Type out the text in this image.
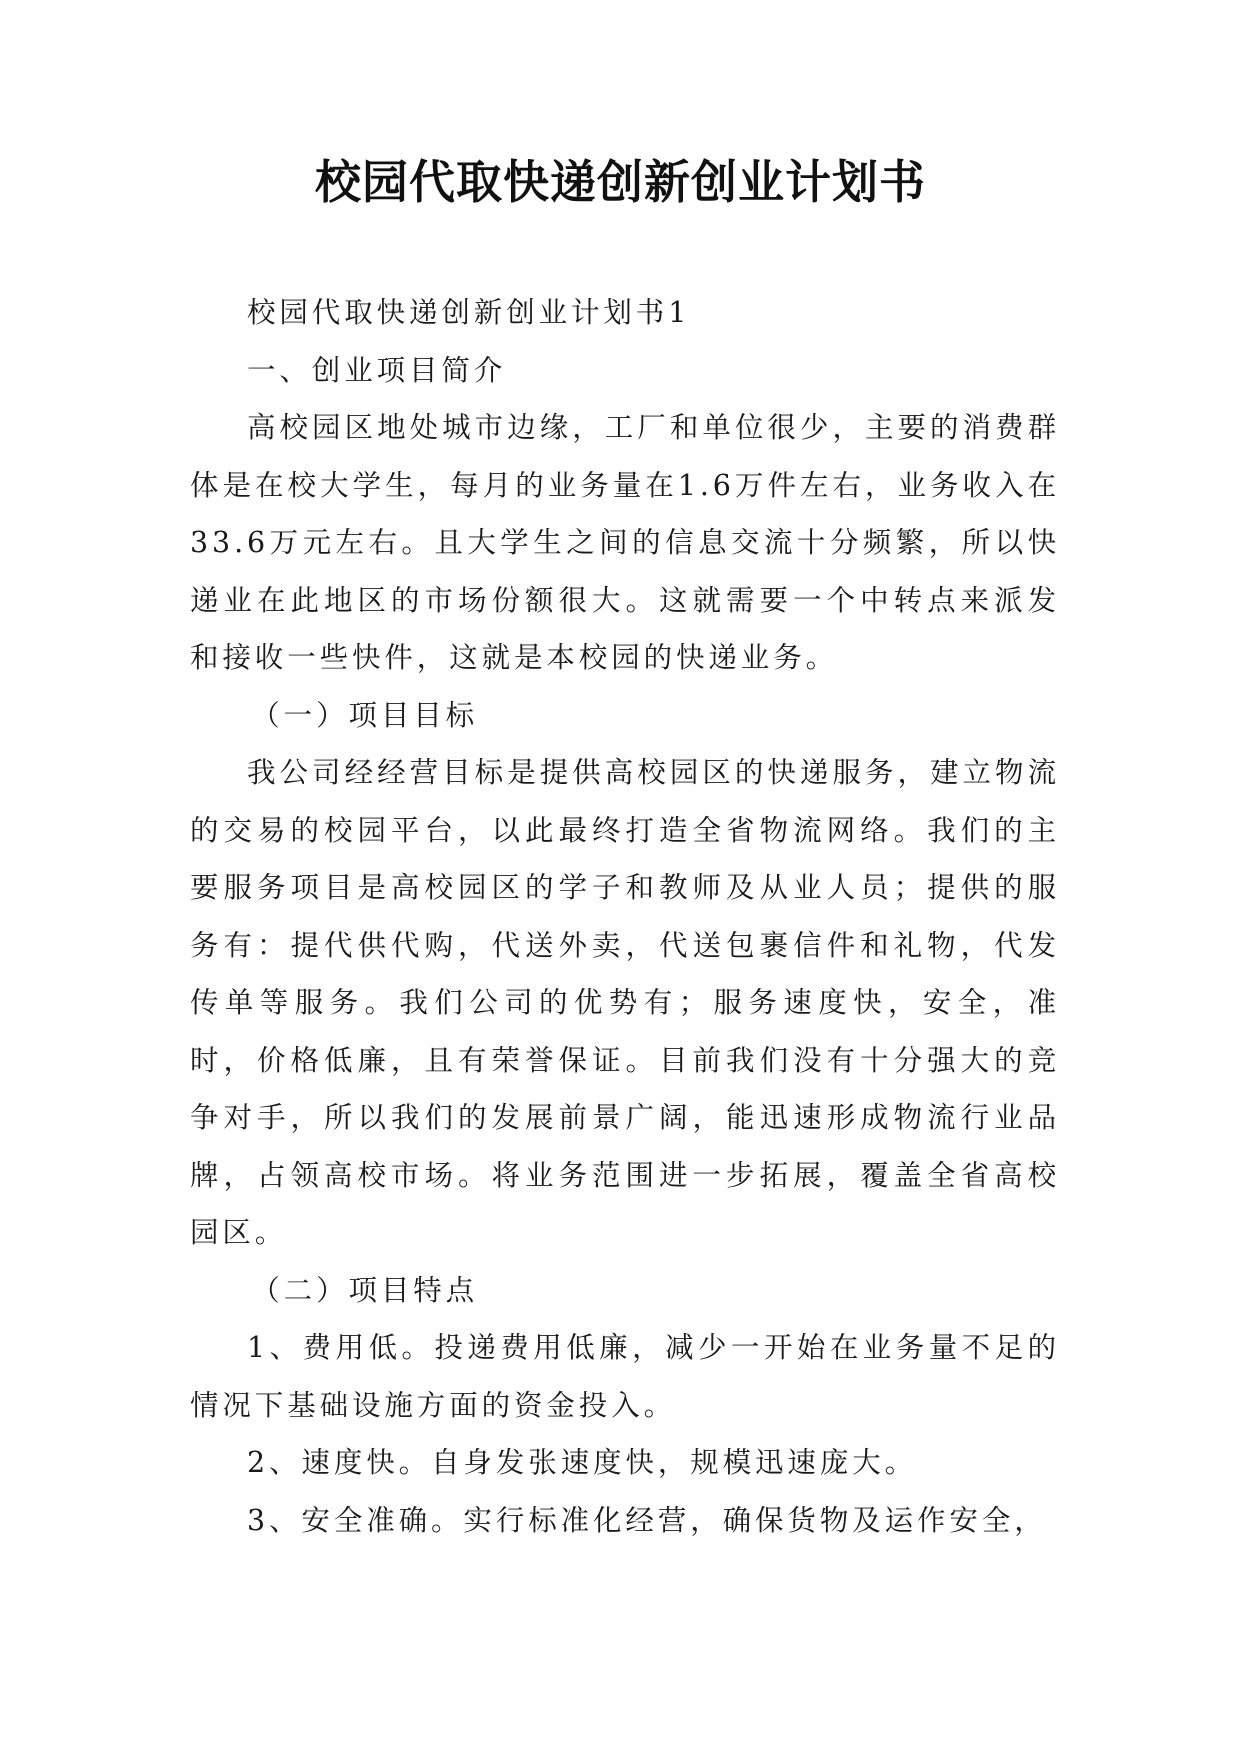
校园代取快递创新创业计划书

校园代取快递创新创业计划书1

一、创业项目简介

高校园区地处城市边缘，工厂和单位很少，主要的消费群体是在校大学生，每月的业务量在1.6万件左右，业务收入在33.6万元左右。且大学生之间的信息交流十分频繁，所以快递业在此地区的市场份额很大。这就需要一个中转点来派发和接收一些快件，这就是本校园的快递业务。

（一）项目目标

我公司经经营目标是提供高校园区的快递服务，建立物流的交易的校园平台，以此最终打造全省物流网络。我们的主要服务项目是高校园区的学子和教师及从业人员；提供的服务有：提代供代购，代送外卖，代送包裹信件和礼物，代发传单等服务。我们公司的优势有；服务速度快，安全，准时，价格低廉，且有荣誉保证。目前我们没有十分强大的竞争对手，所以我们的发展前景广阔，能迅速形成物流行业品牌，占领高校市场。将业务范围进一步拓展，覆盖全省高校园区。

（二）项目特点

1、费用低。投递费用低廉，减少一开始在业务量不足的情况下基础设施方面的资金投入。

2、速度快。自身发张速度快，规模迅速庞大。

3、安全准确。实行标准化经营，确保货物及运作安全，
